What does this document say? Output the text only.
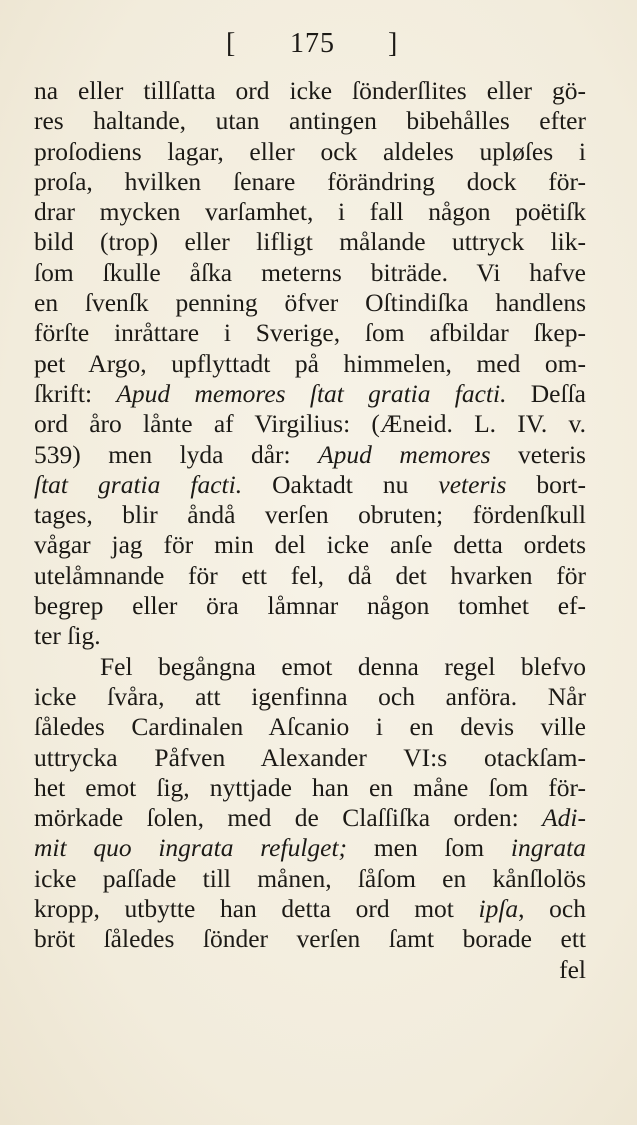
[ 175 ]
na eller tillſatta ord icke ſönderſlites eller gö-
res haltande, utan antingen bibehålles efter
proſodiens lagar, eller ock aldeles upløſes i
proſa, hvilken ſenare förändring dock för-
drar mycken varſamhet, i fall någon poëtiſk
bild (trop) eller lifligt målande uttryck lik-
ſom ſkulle åſka meterns biträde. Vi hafve
en ſvenſk penning öfver Oſtindiſka handlens
förſte inråttare i Sverige, ſom afbildar ſkep-
pet Argo, upflyttadt på himmelen, med om-
ſkrift: Apud memores ſtat gratia facti. Deſſa
ord åro lånte af Virgilius: (Æneid. L. IV. v.
539) men lyda dår: Apud memores veteris
ſtat gratia facti. Oaktadt nu veteris bort-
tages, blir åndå verſen obruten; fördenſkull
vågar jag för min del icke anſe detta ordets
utelåmnande för ett fel, då det hvarken för
begrep eller öra låmnar någon tomhet ef-
ter ſig.
Fel begångna emot denna regel blefvo
icke ſvåra, att igenfinna och anföra. Når
ſåledes Cardinalen Aſcanio i en devis ville
uttrycka Påfven Alexander VI:s otackſam-
het emot ſig, nyttjade han en måne ſom för-
mörkade ſolen, med de Claſſiſka orden: Adi-
mit quo ingrata refulget; men ſom ingrata
icke paſſade till månen, ſåſom en kånſlolös
kropp, utbytte han detta ord mot ipſa, och
bröt ſåledes ſönder verſen ſamt borade ett
fel
